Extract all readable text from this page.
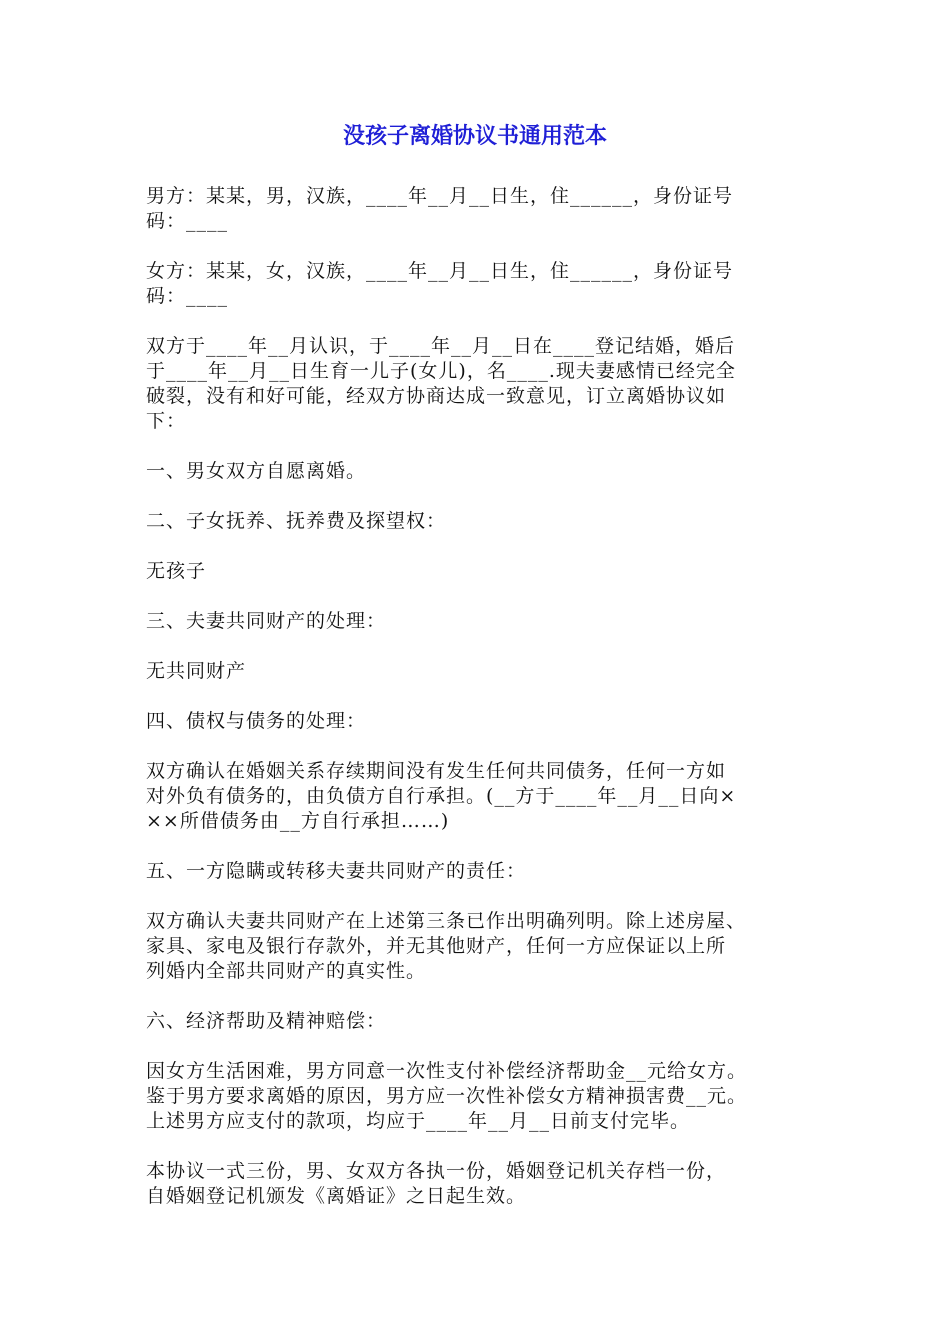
没孩子离婚协议书通用范本
男方：某某，男，汉族，____年__月__日生，住______，身份证号
码：____
女方：某某，女，汉族，____年__月__日生，住______，身份证号
码：____
双方于____年__月认识，于____年__月__日在____登记结婚，婚后
于____年__月__日生育一儿子(女儿)，名____.现夫妻感情已经完全
破裂，没有和好可能，经双方协商达成一致意见，订立离婚协议如
下：
一、男女双方自愿离婚。
二、子女抚养、抚养费及探望权：
无孩子
三、夫妻共同财产的处理：
无共同财产
四、债权与债务的处理：
双方确认在婚姻关系存续期间没有发生任何共同债务，任何一方如
对外负有债务的，由负债方自行承担。(__方于____年__月__日向×
××所借债务由__方自行承担……)
五、一方隐瞒或转移夫妻共同财产的责任：
双方确认夫妻共同财产在上述第三条已作出明确列明。除上述房屋、
家具、家电及银行存款外，并无其他财产，任何一方应保证以上所
列婚内全部共同财产的真实性。
六、经济帮助及精神赔偿：
因女方生活困难，男方同意一次性支付补偿经济帮助金__元给女方。
鉴于男方要求离婚的原因，男方应一次性补偿女方精神损害费__元。
上述男方应支付的款项，均应于____年__月__日前支付完毕。
本协议一式三份，男、女双方各执一份，婚姻登记机关存档一份，
自婚姻登记机颁发《离婚证》之日起生效。
